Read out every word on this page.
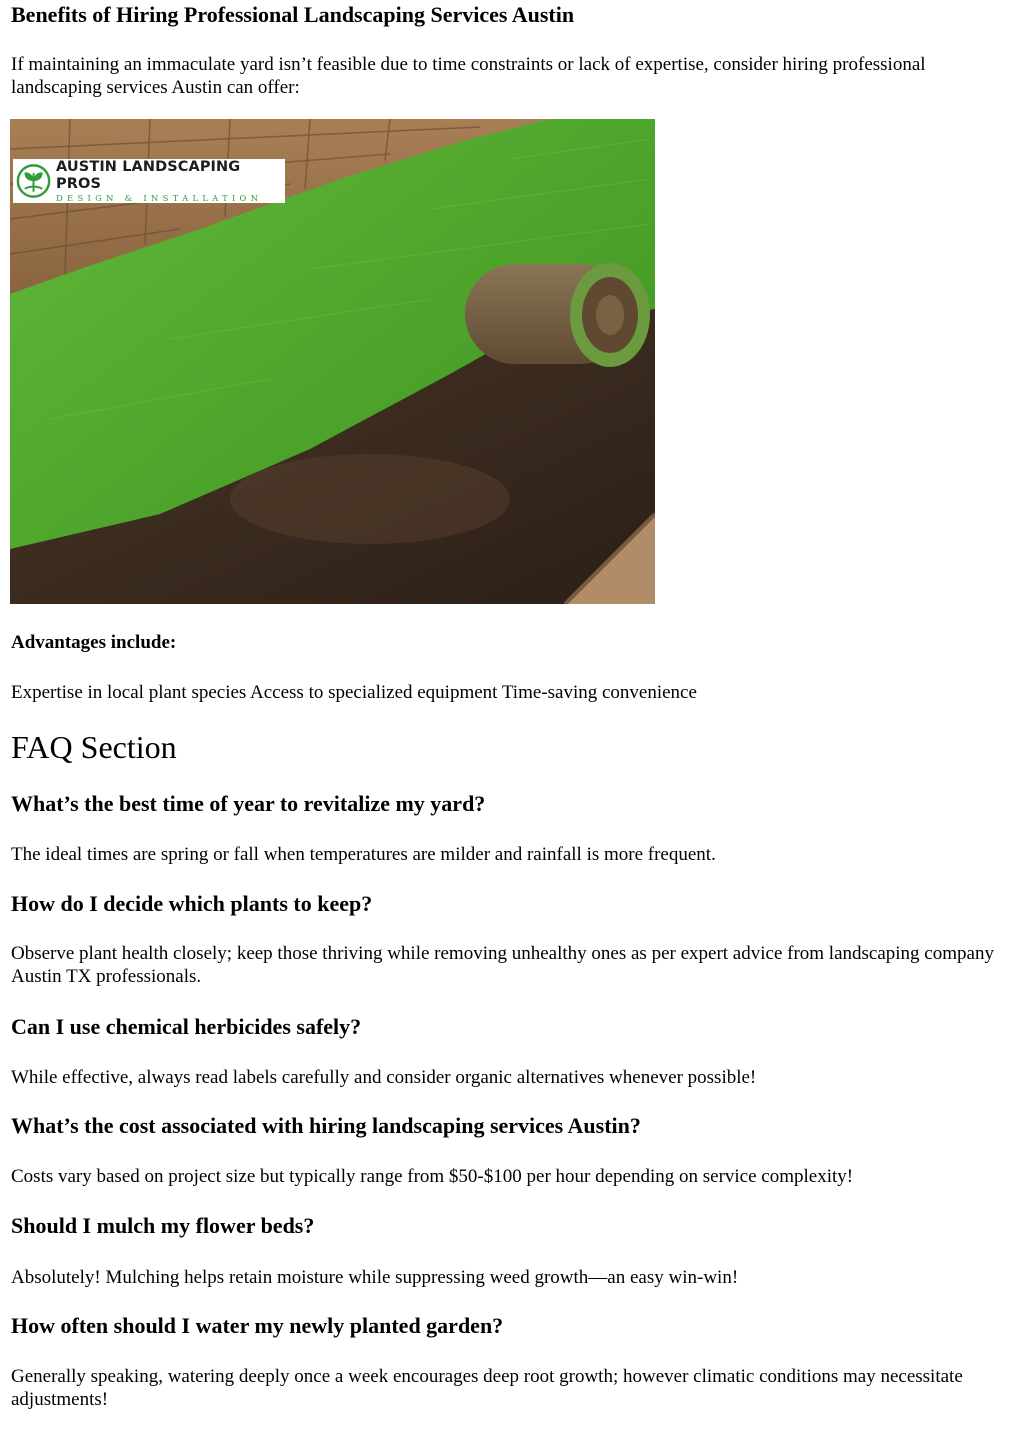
Benefits of Hiring Professional Landscaping Services Austin

If maintaining an immaculate yard isn’t feasible due to time constraints or lack of expertise, consider hiring professional landscaping services Austin can offer:

AUSTIN LANDSCAPING PROS
DESIGN & INSTALLATION
Advantages include:

Expertise in local plant species Access to specialized equipment Time-saving convenience

FAQ Section
What’s the best time of year to revitalize my yard?

The ideal times are spring or fall when temperatures are milder and rainfall is more frequent.

How do I decide which plants to keep?

Observe plant health closely; keep those thriving while removing unhealthy ones as per expert advice from landscaping company Austin TX professionals.

Can I use chemical herbicides safely?

While effective, always read labels carefully and consider organic alternatives whenever possible!

What’s the cost associated with hiring landscaping services Austin?

Costs vary based on project size but typically range from $50-$100 per hour depending on service complexity!

Should I mulch my flower beds?

Absolutely! Mulching helps retain moisture while suppressing weed growth—an easy win-win!

How often should I water my newly planted garden?

Generally speaking, watering deeply once a week encourages deep root growth; however climatic conditions may necessitate adjustments!
